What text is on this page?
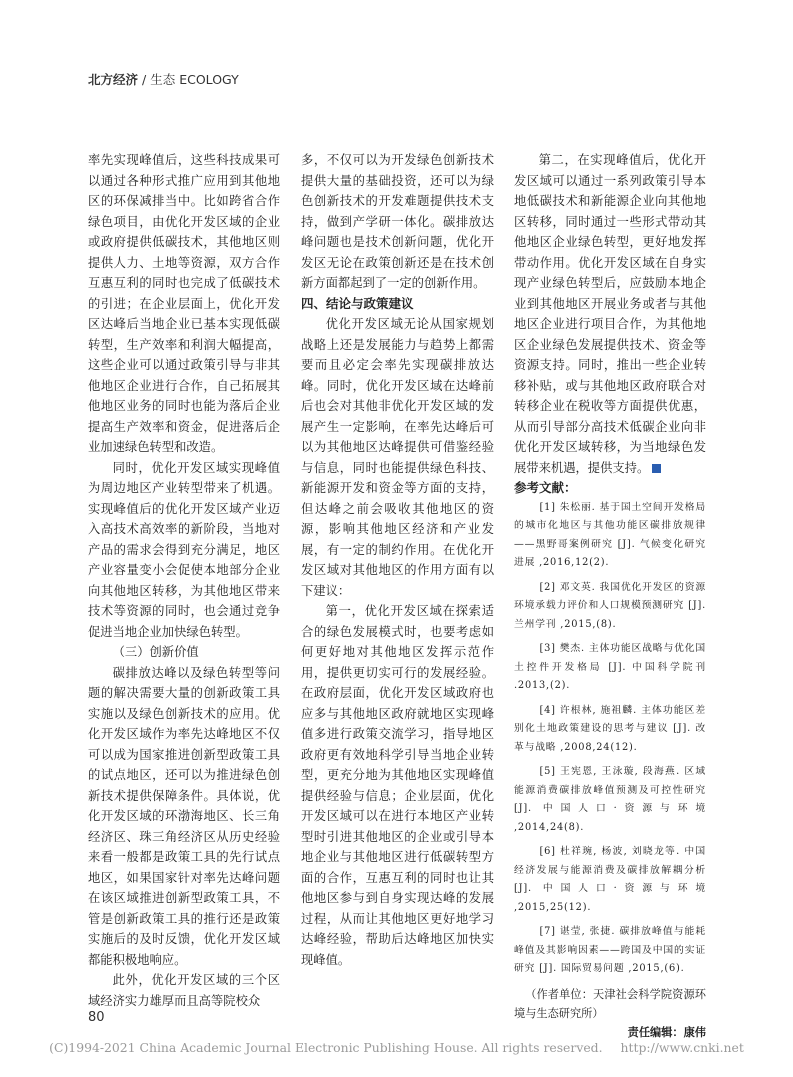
北方经济 / 生态 ECOLOGY

率先实现峰值后，这些科技成果可以通过各种形式推广应用到其他地区的环保减排当中。比如跨省合作绿色项目，由优化开发区域的企业或政府提供低碳技术，其他地区则提供人力、土地等资源，双方合作互惠互利的同时也完成了低碳技术的引进；在企业层面上，优化开发区达峰后当地企业已基本实现低碳转型，生产效率和利润大幅提高，这些企业可以通过政策引导与非其他地区企业进行合作，自己拓展其他地区业务的同时也能为落后企业提高生产效率和资金，促进落后企业加速绿色转型和改造。

同时，优化开发区域实现峰值为周边地区产业转型带来了机遇。实现峰值后的优化开发区域产业迈入高技术高效率的新阶段，当地对产品的需求会得到充分满足，地区产业容量变小会促使本地部分企业向其他地区转移，为其他地区带来技术等资源的同时，也会通过竞争促进当地企业加快绿色转型。

（三）创新价值

碳排放达峰以及绿色转型等问题的解决需要大量的创新政策工具实施以及绿色创新技术的应用。优化开发区域作为率先达峰地区不仅可以成为国家推进创新型政策工具的试点地区，还可以为推进绿色创新技术提供保障条件。具体说，优化开发区域的环渤海地区、长三角经济区、珠三角经济区从历史经验来看一般都是政策工具的先行试点地区，如果国家针对率先达峰问题在该区域推进创新型政策工具，不管是创新政策工具的推行还是政策实施后的及时反馈，优化开发区域都能积极地响应。

此外，优化开发区域的三个区域经济实力雄厚而且高等院校众

多，不仅可以为开发绿色创新技术提供大量的基础投资，还可以为绿色创新技术的开发难题提供技术支持，做到产学研一体化。碳排放达峰问题也是技术创新问题，优化开发区无论在政策创新还是在技术创新方面都起到了一定的创新作用。

四、结论与政策建议

优化开发区域无论从国家规划战略上还是发展能力与趋势上都需要而且必定会率先实现碳排放达峰。同时，优化开发区域在达峰前后也会对其他非优化开发区域的发展产生一定影响，在率先达峰后可以为其他地区达峰提供可借鉴经验与信息，同时也能提供绿色科技、新能源开发和资金等方面的支持，但达峰之前会吸收其他地区的资源，影响其他地区经济和产业发展，有一定的制约作用。在优化开发区域对其他地区的作用方面有以下建议：

第一，优化开发区域在探索适合的绿色发展模式时，也要考虑如何更好地对其他地区发挥示范作用，提供更切实可行的发展经验。在政府层面，优化开发区域政府也应多与其他地区政府就地区实现峰值多进行政策交流学习，指导地区政府更有效地科学引导当地企业转型，更充分地为其他地区实现峰值提供经验与信息；企业层面，优化开发区域可以在进行本地区产业转型时引进其他地区的企业或引导本地企业与其他地区进行低碳转型方面的合作，互惠互利的同时也让其他地区参与到自身实现达峰的发展过程，从而让其他地区更好地学习达峰经验，帮助后达峰地区加快实现峰值。

第二，在实现峰值后，优化开发区域可以通过一系列政策引导本地低碳技术和新能源企业向其他地区转移，同时通过一些形式带动其他地区企业绿色转型，更好地发挥带动作用。优化开发区域在自身实现产业绿色转型后，应鼓励本地企业到其他地区开展业务或者与其他地区企业进行项目合作，为其他地区企业绿色发展提供技术、资金等资源支持。同时，推出一些企业转移补贴，或与其他地区政府联合对转移企业在税收等方面提供优惠，从而引导部分高技术低碳企业向非优化开发区域转移，为当地绿色发展带来机遇，提供支持。

参考文献：

[1] 朱松丽. 基于国土空间开发格局的城市化地区与其他功能区碳排放规律——黑野哥案例研究 [J]. 气候变化研究进展 ,2016,12(2).

[2] 邓文英. 我国优化开发区的资源环境承载力评价和人口规模预测研究 [J]. 兰州学刊 ,2015,(8).

[3] 樊杰. 主体功能区战略与优化国土控件开发格局 [J]. 中国科学院刊 .2013,(2).

[4] 许根林, 施祖麟. 主体功能区差别化土地政策建设的思考与建议 [J]. 改革与战略 ,2008,24(12).

[5] 王宪恩, 王泳璇, 段海燕. 区域能源消费碳排放峰值预测及可控性研究 [J]. 中国人口·资源与环境 ,2014,24(8).

[6] 杜祥琬, 杨波, 刘晓龙等. 中国经济发展与能源消费及碳排放解耦分析 [J]. 中国人口·资源与环境 ,2015,25(12).

[7] 谌莹, 张捷. 碳排放峰值与能耗峰值及其影响因素——跨国及中国的实证研究 [J]. 国际贸易问题 ,2015,(6).

（作者单位：天津社会科学院资源环境与生态研究所）

责任编辑：康伟

80
(C)1994-2021 China Academic Journal Electronic Publishing House. All rights reserved. http://www.cnki.net
